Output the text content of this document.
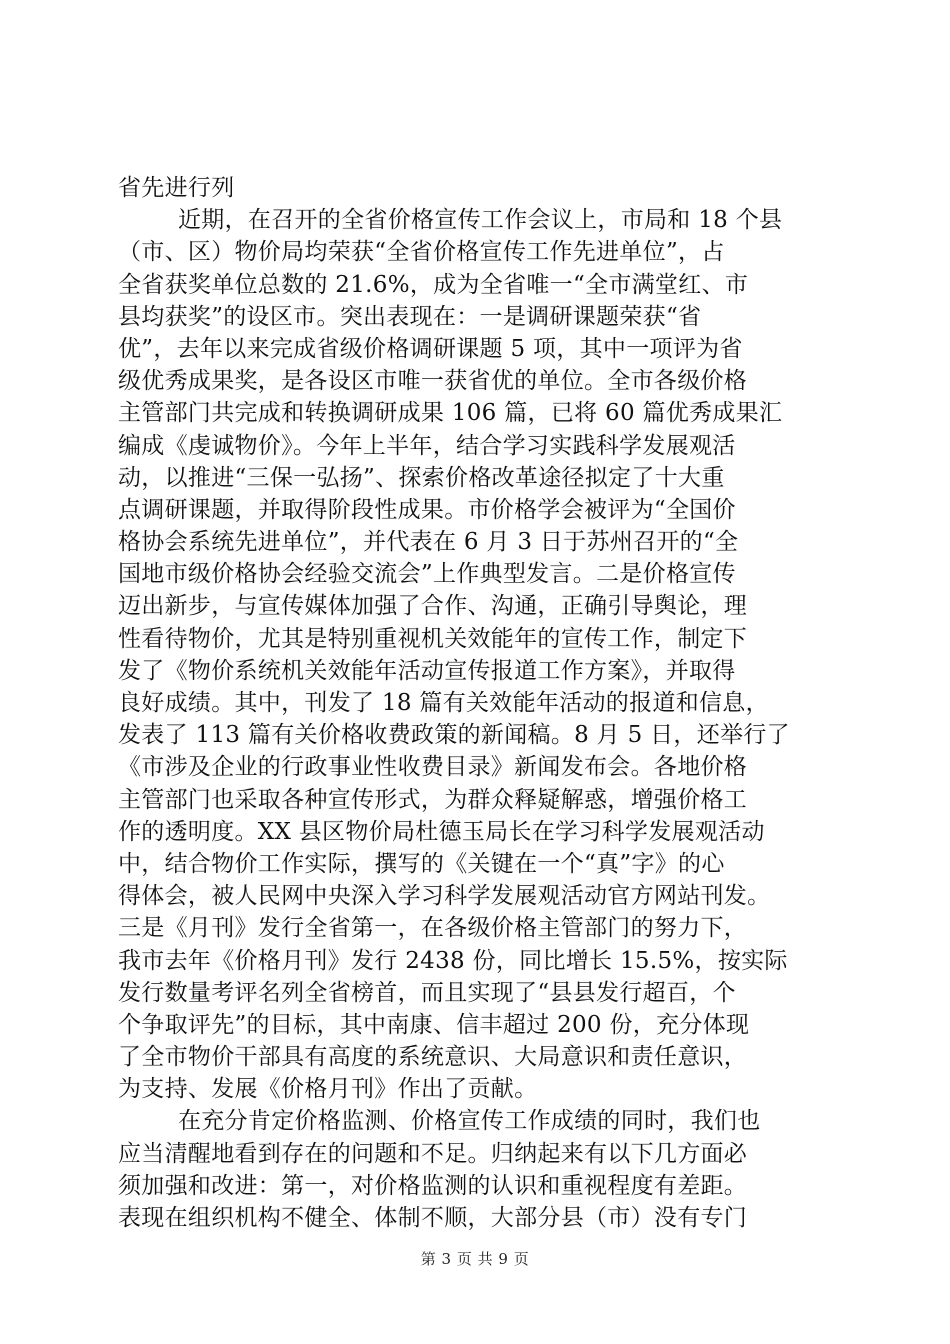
省先进行列
近期，在召开的全省价格宣传工作会议上，市局和 18 个县
（市、区）物价局均荣获“全省价格宣传工作先进单位”，占
全省获奖单位总数的 21.6%，成为全省唯一“全市满堂红、市
县均获奖”的设区市。突出表现在：一是调研课题荣获“省
优”，去年以来完成省级价格调研课题 5 项，其中一项评为省
级优秀成果奖，是各设区市唯一获省优的单位。全市各级价格
主管部门共完成和转换调研成果 106 篇，已将 60 篇优秀成果汇
编成《虔诚物价》。今年上半年，结合学习实践科学发展观活
动，以推进“三保一弘扬”、探索价格改革途径拟定了十大重
点调研课题，并取得阶段性成果。市价格学会被评为“全国价
格协会系统先进单位”，并代表在 6 月 3 日于苏州召开的“全
国地市级价格协会经验交流会”上作典型发言。二是价格宣传
迈出新步，与宣传媒体加强了合作、沟通，正确引导舆论，理
性看待物价，尤其是特别重视机关效能年的宣传工作，制定下
发了《物价系统机关效能年活动宣传报道工作方案》，并取得
良好成绩。其中，刊发了 18 篇有关效能年活动的报道和信息，
发表了 113 篇有关价格收费政策的新闻稿。8 月 5 日，还举行了
《市涉及企业的行政事业性收费目录》新闻发布会。各地价格
主管部门也采取各种宣传形式，为群众释疑解惑，增强价格工
作的透明度。XX 县区物价局杜德玉局长在学习科学发展观活动
中，结合物价工作实际，撰写的《关键在一个“真”字》的心
得体会，被人民网中央深入学习科学发展观活动官方网站刊发。
三是《月刊》发行全省第一，在各级价格主管部门的努力下，
我市去年《价格月刊》发行 2438 份，同比增长 15.5%，按实际
发行数量考评名列全省榜首，而且实现了“县县发行超百，个
个争取评先”的目标，其中南康、信丰超过 200 份，充分体现
了全市物价干部具有高度的系统意识、大局意识和责任意识，
为支持、发展《价格月刊》作出了贡献。
在充分肯定价格监测、价格宣传工作成绩的同时，我们也
应当清醒地看到存在的问题和不足。归纳起来有以下几方面必
须加强和改进：第一，对价格监测的认识和重视程度有差距。
表现在组织机构不健全、体制不顺，大部分县（市）没有专门
第 3 页 共 9 页
